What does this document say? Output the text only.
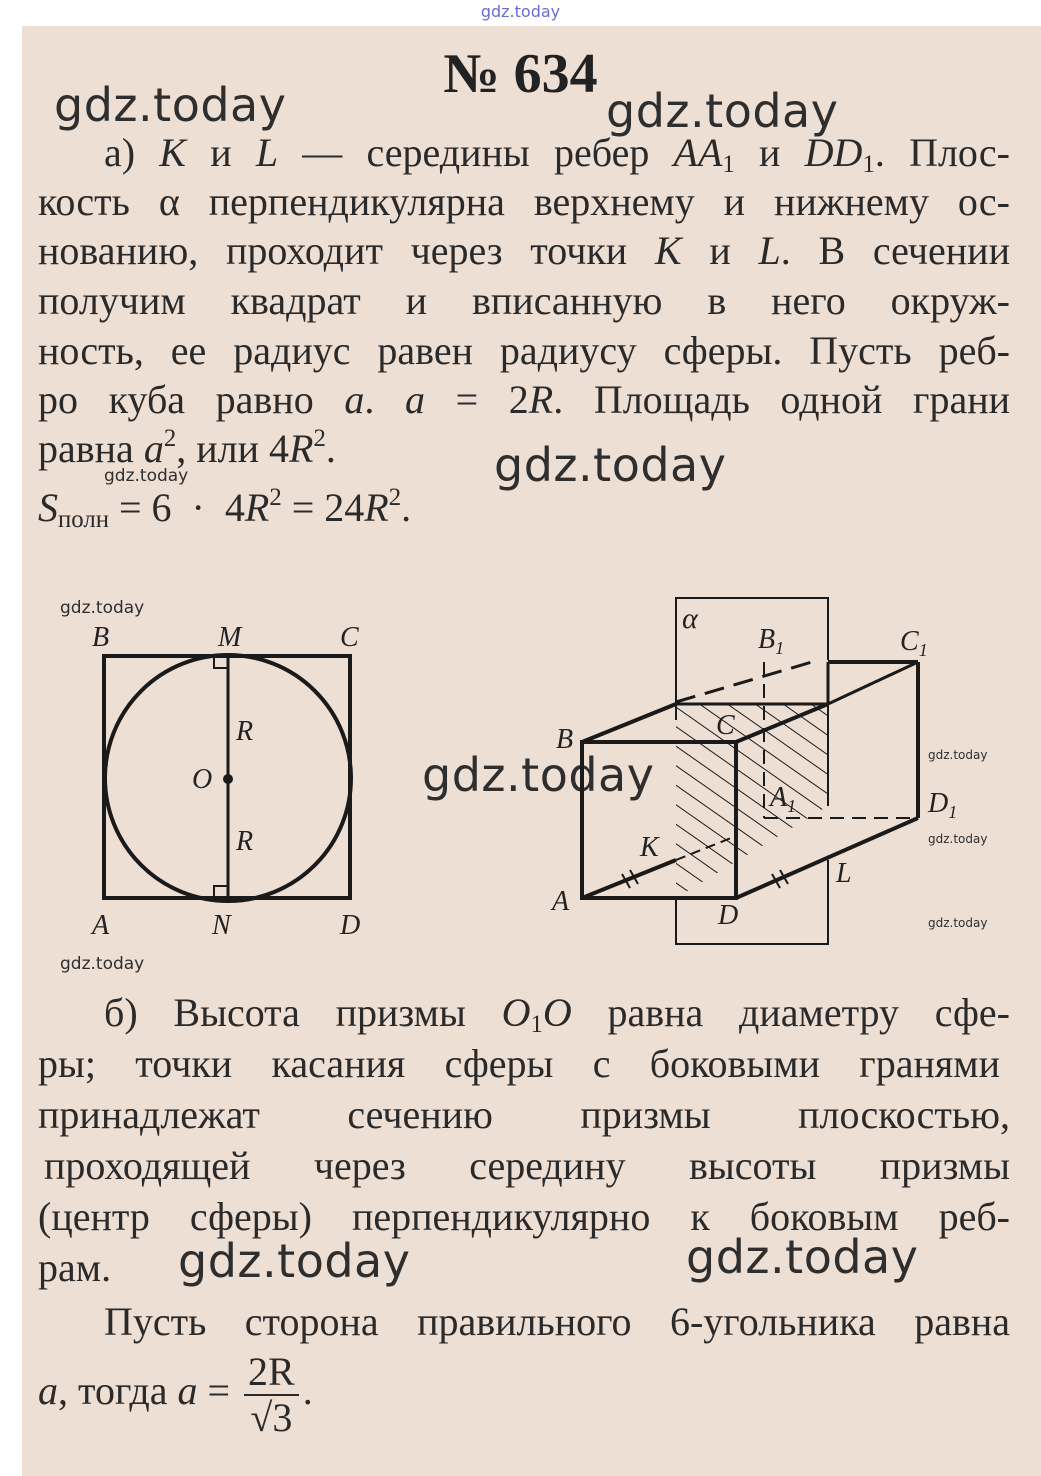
gdz.today
№ 634
gdz.today	gdz.today
gdz.today
gdz.today
gdz.today	gdz.today
gdz.today
gdz.today
gdz.today
gdz.today
gdz.today
gdz.today
а) K и L — середины ребер $AA_1$ и $DD_1$. Плос-
кость α перпендикулярна верхнему и нижнему ос-
нованию, проходит через точки K и L. В сечении
получим квадрат и вписанную в него окруж-
ность, ее радиус равен радиусу сферы. Пусть реб-
ро куба равно a. a = 2R. Площадь одной грани
равна $a^2$, или $4R^2$.
$S_{полн} = 6 \cdot 4R^2 = 24R^2$.
B	M	C
O
R
R
A	N	D
α
$B_1$	$C_1$
B	C
$A_1$	$D_1$
K
L
A	D
б) Высота призмы $O_1O$ равна диаметру сфе-
ры; точки касания сферы с боковыми гранями
принадлежат сечению призмы плоскостью,
проходящей через середину высоты призмы
(центр сферы) перпендикулярно к боковым реб-
рам.
Пусть сторона правильного 6-угольника равна
a, тогда $a = \frac{2R}{√3}$ .
